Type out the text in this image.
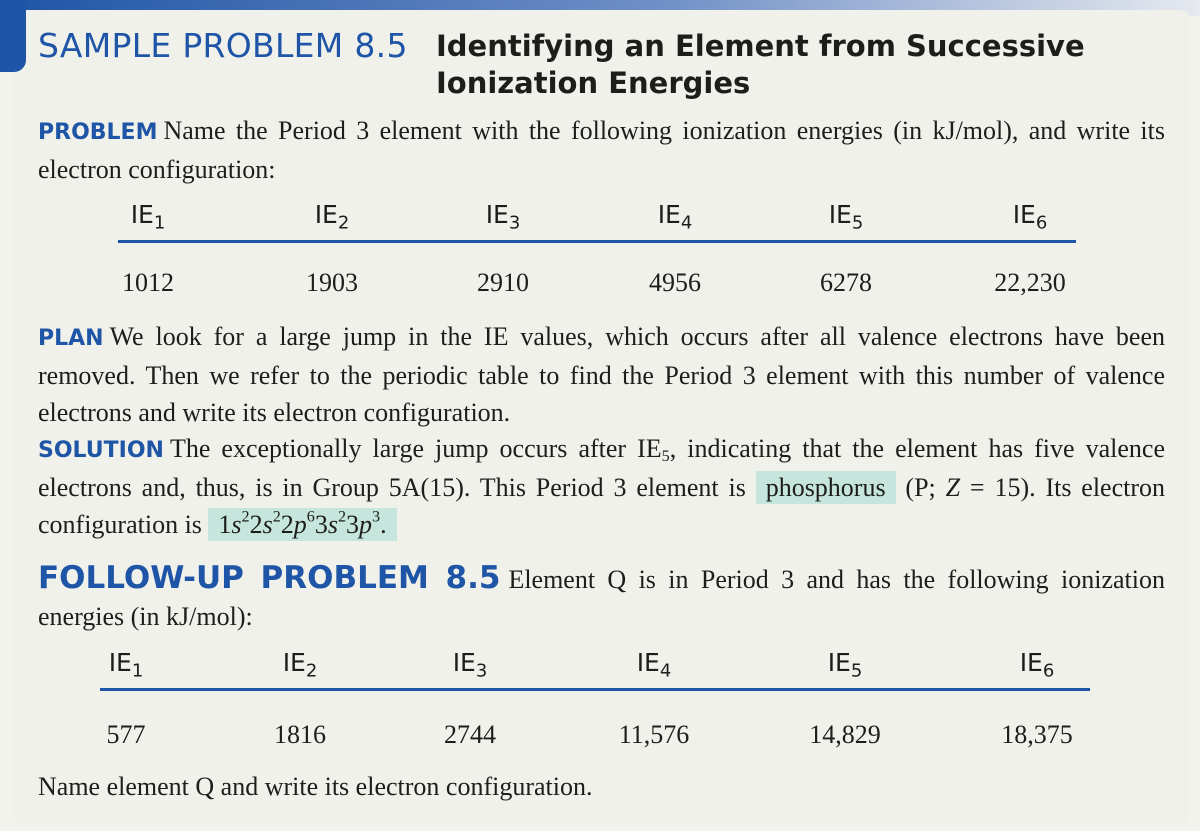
SAMPLE PROBLEM 8.5 Identifying an Element from Successive Ionization Energies
PROBLEM Name the Period 3 element with the following ionization energies (in kJ/mol), and write its electron configuration:
$IE_1$	$IE_2$	$IE_3$	$IE_4$	$IE_5$	$IE_6$
1012	1903	2910	4956	6278	22,230
PLAN We look for a large jump in the IE values, which occurs after all valence electrons have been removed. Then we refer to the periodic table to find the Period 3 element with this number of valence electrons and write its electron configuration.
SOLUTION The exceptionally large jump occurs after $IE_5$, indicating that the element has five valence electrons and, thus, is in Group 5A(15). This Period 3 element is phosphorus (P; Z = 15). Its electron configuration is $1s^22s^22p^63s^23p^3$.
FOLLOW-UP PROBLEM 8.5 Element Q is in Period 3 and has the following ionization energies (in kJ/mol):
$IE_1$	$IE_2$	$IE_3$	$IE_4$	$IE_5$	$IE_6$
577	1816	2744	11,576	14,829	18,375
Name element Q and write its electron configuration.
